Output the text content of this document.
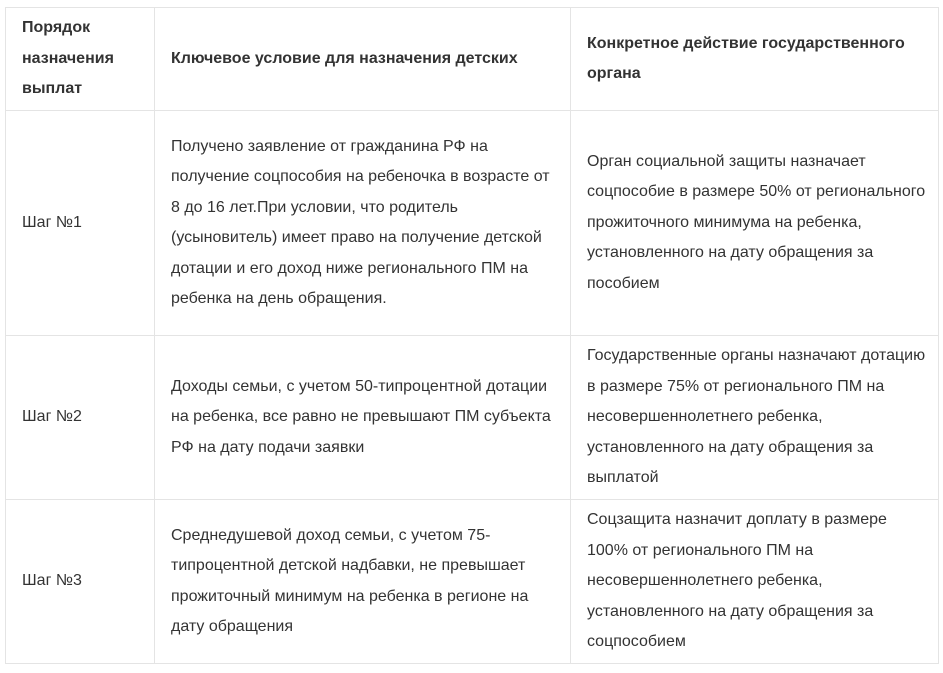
Порядок назначения выплат	Ключевое условие для назначения детских	Конкретное действие государственного органа

Шаг №1	Получено заявление от гражданина РФ на получение соцпособия на ребеночка в возрасте от 8 до 16 лет.При условии, что родитель (усыновитель) имеет право на получение детской дотации и его доход ниже регионального ПМ на ребенка на день обращения.	Орган социальной защиты назначает соцпособие в размере 50% от регионального прожиточного минимума на ребенка, установленного на дату обращения за пособием

Шаг №2	Доходы семьи, с учетом 50-типроцентной дотации на ребенка, все равно не превышают ПМ субъекта РФ на дату подачи заявки	Государственные органы назначают дотацию в размере 75% от регионального ПМ на несовершеннолетнего ребенка, установленного на дату обращения за выплатой

Шаг №3	Среднедушевой доход семьи, с учетом 75-типроцентной детской надбавки, не превышает прожиточный минимум на ребенка в регионе на дату обращения	Соцзащита назначит доплату в размере 100% от регионального ПМ на несовершеннолетнего ребенка, установленного на дату обращения за соцпособием
